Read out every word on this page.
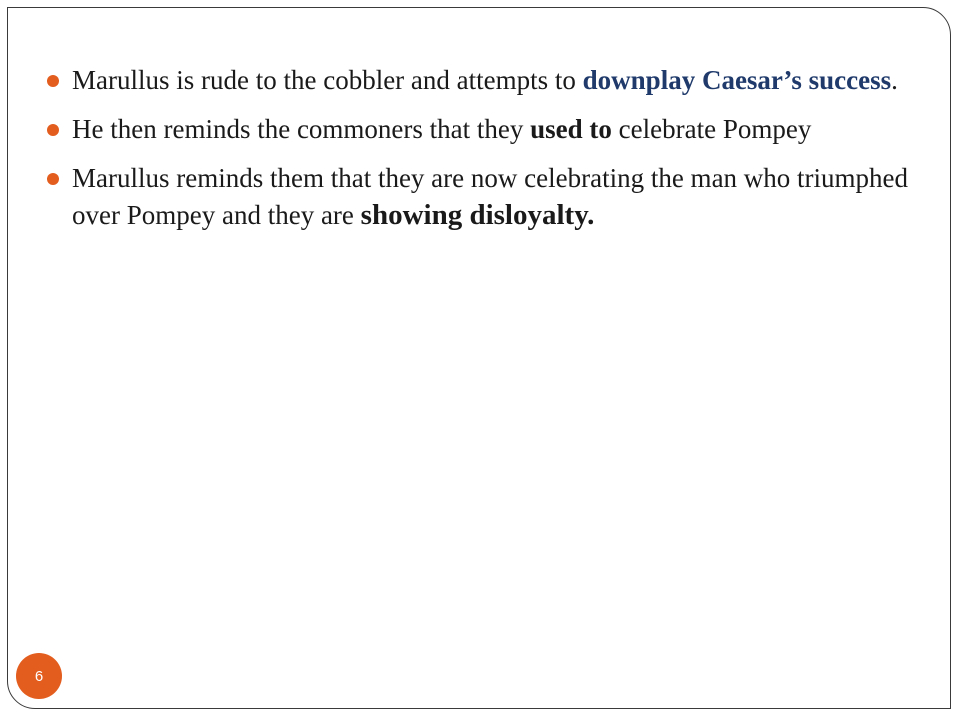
Marullus is rude to the cobbler and attempts to downplay Caesar’s success.
He then reminds the commoners that they used to celebrate Pompey
Marullus reminds them that they are now celebrating the man who triumphed over Pompey and they are showing disloyalty.
6
